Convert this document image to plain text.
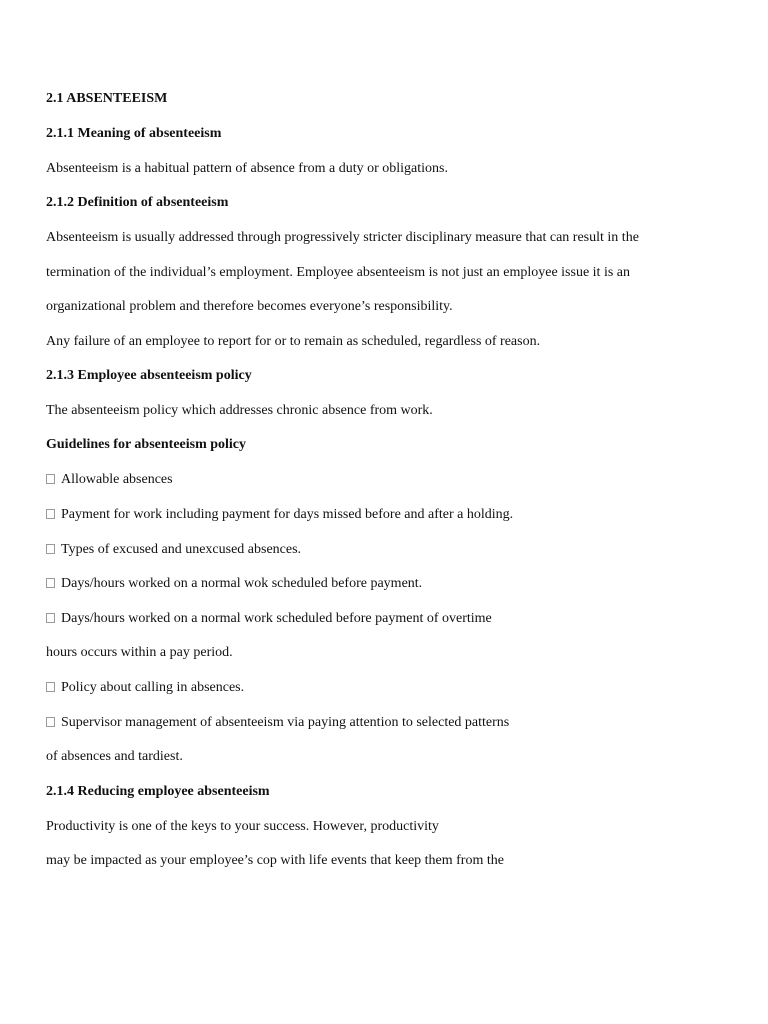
2.1 ABSENTEEISM
2.1.1 Meaning of absenteeism
Absenteeism is a habitual pattern of absence from a duty or obligations.
2.1.2 Definition of absenteeism
Absenteeism is usually addressed through progressively stricter disciplinary measure that can result in the
termination of the individual’s employment. Employee absenteeism is not just an employee issue it is an
organizational problem and therefore becomes everyone’s responsibility.
Any failure of an employee to report for or to remain as scheduled, regardless of reason.
2.1.3 Employee absenteeism policy
The absenteeism policy which addresses chronic absence from work.
Guidelines for absenteeism policy
Allowable absences
Payment for work including payment for days missed before and after a holding.
Types of excused and unexcused absences.
Days/hours worked on a normal wok scheduled before payment.
Days/hours worked on a normal work scheduled before payment of overtime
hours occurs within a pay period.
Policy about calling in absences.
Supervisor management of absenteeism via paying attention to selected patterns
of absences and tardiest.
2.1.4 Reducing employee absenteeism
Productivity is one of the keys to your success. However, productivity
may be impacted as your employee’s cop with life events that keep them from the
